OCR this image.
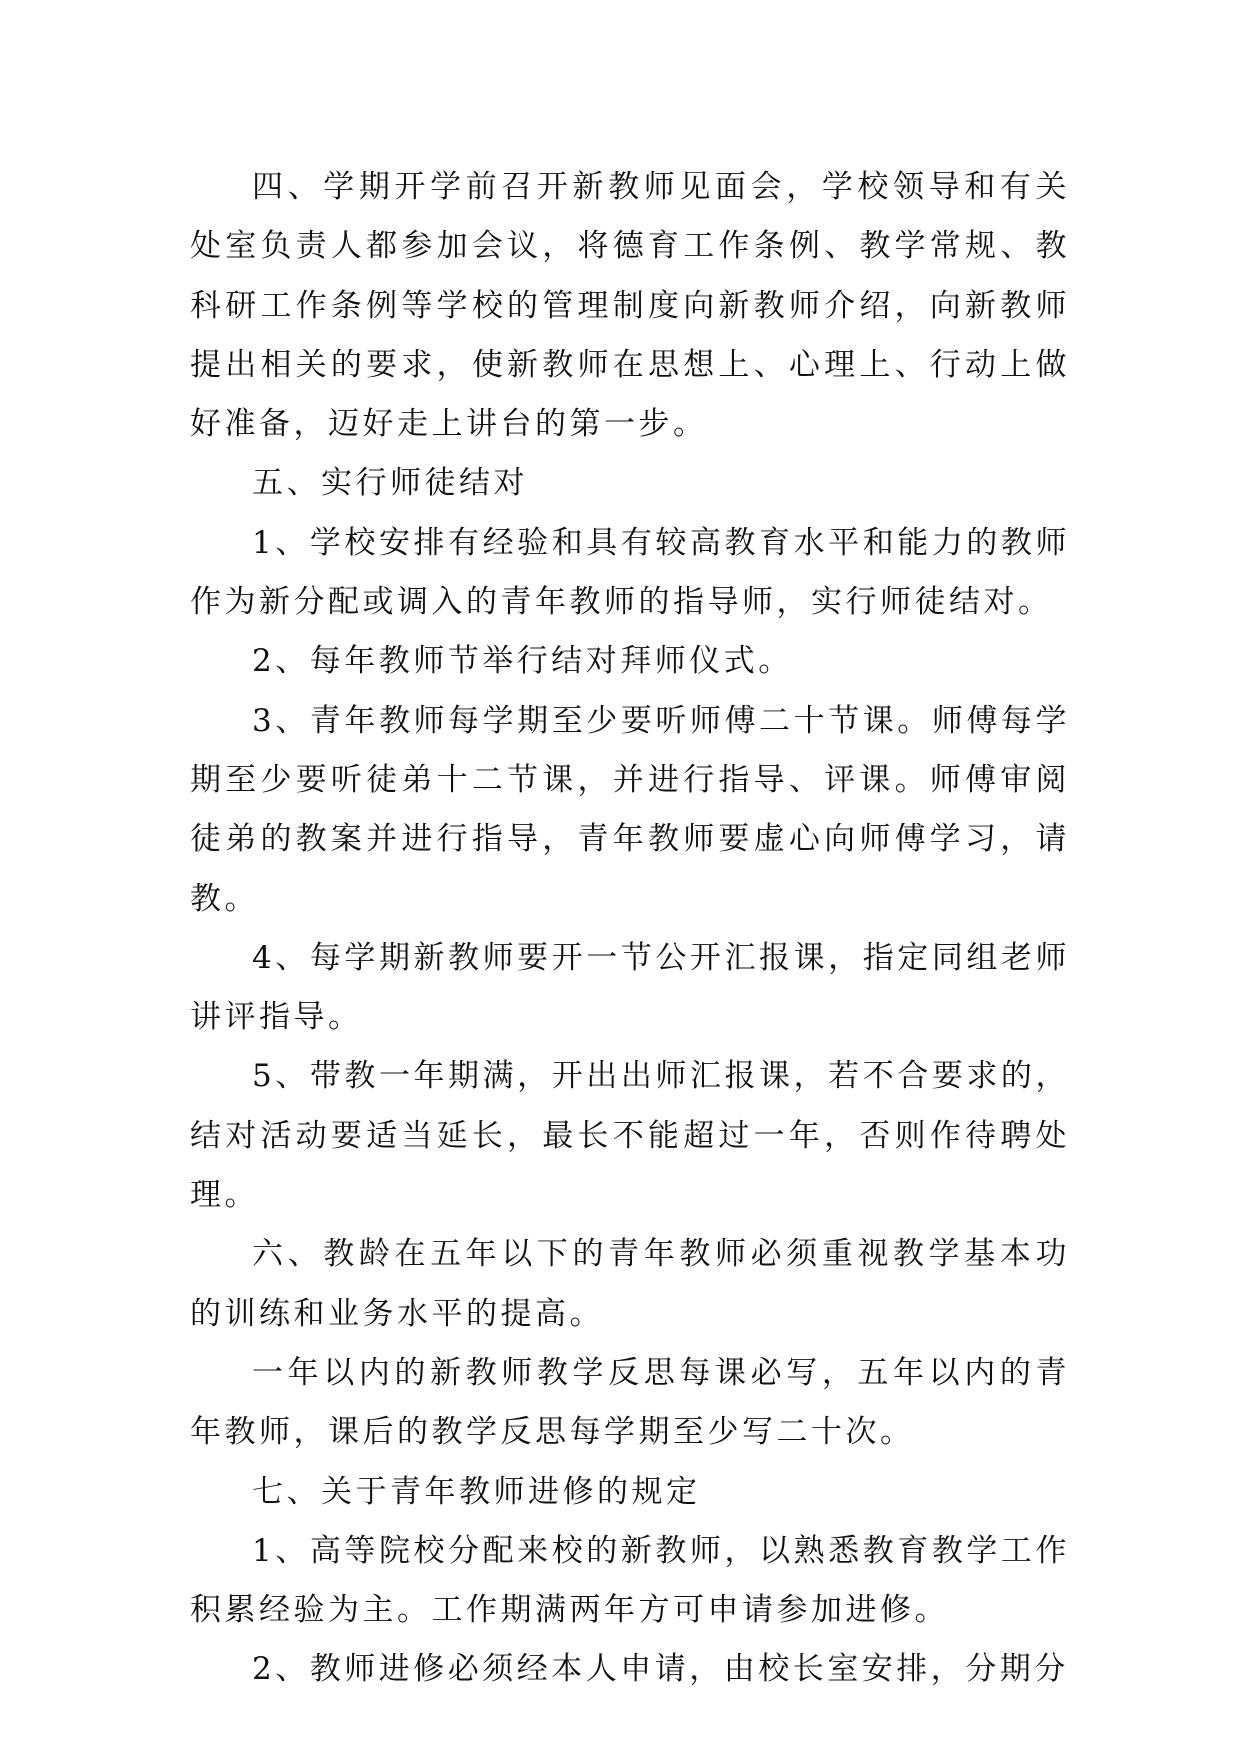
四、学期开学前召开新教师见面会，学校领导和有关处室负责人都参加会议，将德育工作条例、教学常规、教科研工作条例等学校的管理制度向新教师介绍，向新教师提出相关的要求，使新教师在思想上、心理上、行动上做好准备，迈好走上讲台的第一步。

五、实行师徒结对

1、学校安排有经验和具有较高教育水平和能力的教师作为新分配或调入的青年教师的指导师，实行师徒结对。

2、每年教师节举行结对拜师仪式。

3、青年教师每学期至少要听师傅二十节课。师傅每学期至少要听徒弟十二节课，并进行指导、评课。师傅审阅徒弟的教案并进行指导，青年教师要虚心向师傅学习，请教。

4、每学期新教师要开一节公开汇报课，指定同组老师讲评指导。

5、带教一年期满，开出出师汇报课，若不合要求的，结对活动要适当延长，最长不能超过一年，否则作待聘处理。

六、教龄在五年以下的青年教师必须重视教学基本功的训练和业务水平的提高。

一年以内的新教师教学反思每课必写，五年以内的青年教师，课后的教学反思每学期至少写二十次。

七、关于青年教师进修的规定

1、高等院校分配来校的新教师，以熟悉教育教学工作积累经验为主。工作期满两年方可申请参加进修。

2、教师进修必须经本人申请，由校长室安排，分期分
